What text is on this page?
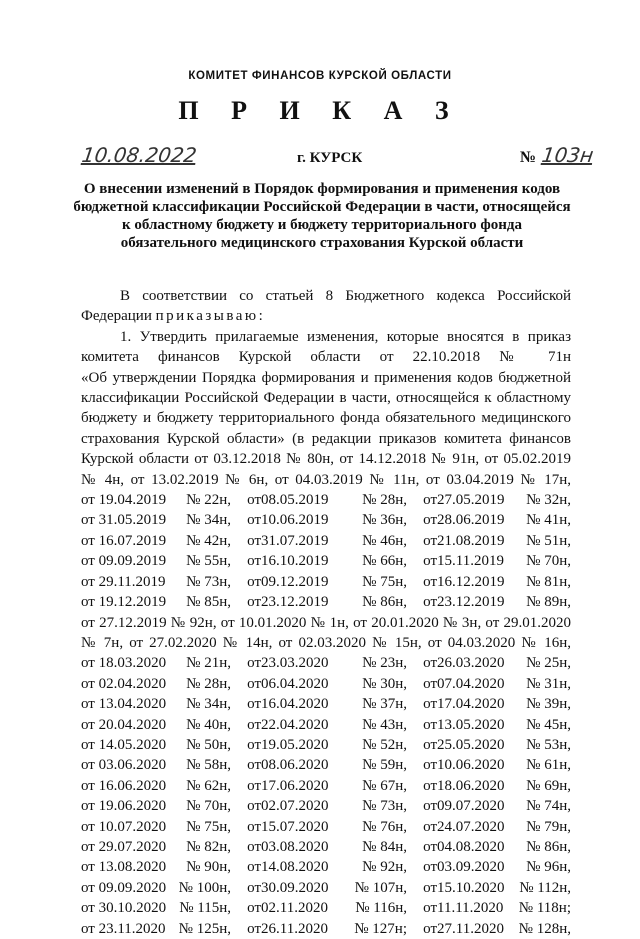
КОМИТЕТ ФИНАНСОВ КУРСКОЙ ОБЛАСТИ
П Р И К А З
10.08.2022	г. КУРСК	№ 103н
О внесении изменений в Порядок формирования и применения кодов бюджетной классификации Российской Федерации в части, относящейся к областному бюджету и бюджету территориального фонда обязательного медицинского страхования Курской области

В соответствии со статьей 8 Бюджетного кодекса Российской

Федерации приказываю:

1. Утвердить прилагаемые изменения, которые вносятся в приказ

комитета финансов Курской области от 22.10.2018 № 71н

«Об утверждении Порядка формирования и применения кодов бюджетной

классификации Российской Федерации в части, относящейся к областному

бюджету и бюджету территориального фонда обязательного медицинского

страхования Курской области» (в редакции приказов комитета финансов

Курской области от 03.12.2018 № 80н, от 14.12.2018 № 91н, от 05.02.2019

№ 4н, от 13.02.2019 № 6н, от 04.03.2019 № 11н, от 03.04.2019 № 17н,

от 19.04.2019	№ 22н,	от	08.05.2019	№ 28н,	от	27.05.2019	№ 32н,
от 31.05.2019	№ 34н,	от	10.06.2019	№ 36н,	от	28.06.2019	№ 41н,
от 16.07.2019	№ 42н,	от	31.07.2019	№ 46н,	от	21.08.2019	№ 51н,
от 09.09.2019	№ 55н,	от	16.10.2019	№ 66н,	от	15.11.2019	№ 70н,
от 29.11.2019	№ 73н,	от	09.12.2019	№ 75н,	от	16.12.2019	№ 81н,
от 19.12.2019	№ 85н,	от	23.12.2019	№ 86н,	от	23.12.2019	№ 89н,

от 27.12.2019 № 92н, от 10.01.2020 № 1н, от 20.01.2020 № 3н, от 29.01.2020

№ 7н, от 27.02.2020 № 14н, от 02.03.2020 № 15н, от 04.03.2020 № 16н,

от 18.03.2020	№ 21н,	от	23.03.2020	№ 23н,	от	26.03.2020	№ 25н,
от 02.04.2020	№ 28н,	от	06.04.2020	№ 30н,	от	07.04.2020	№ 31н,
от 13.04.2020	№ 34н,	от	16.04.2020	№ 37н,	от	17.04.2020	№ 39н,
от 20.04.2020	№ 40н,	от	22.04.2020	№ 43н,	от	13.05.2020	№ 45н,
от 14.05.2020	№ 50н,	от	19.05.2020	№ 52н,	от	25.05.2020	№ 53н,
от 03.06.2020	№ 58н,	от	08.06.2020	№ 59н,	от	10.06.2020	№ 61н,
от 16.06.2020	№ 62н,	от	17.06.2020	№ 67н,	от	18.06.2020	№ 69н,
от 19.06.2020	№ 70н,	от	02.07.2020	№ 73н,	от	09.07.2020	№ 74н,
от 10.07.2020	№ 75н,	от	15.07.2020	№ 76н,	от	24.07.2020	№ 79н,
от 29.07.2020	№ 82н,	от	03.08.2020	№ 84н,	от	04.08.2020	№ 86н,
от 13.08.2020	№ 90н,	от	14.08.2020	№ 92н,	от	03.09.2020	№ 96н,
от 09.09.2020	№ 100н,	от	30.09.2020	№ 107н,	от	15.10.2020	№ 112н,
от 30.10.2020	№ 115н,	от	02.11.2020	№ 116н,	от	11.11.2020	№ 118н;
от 23.11.2020	№ 125н,	от	26.11.2020	№ 127н;	от	27.11.2020	№ 128н,
